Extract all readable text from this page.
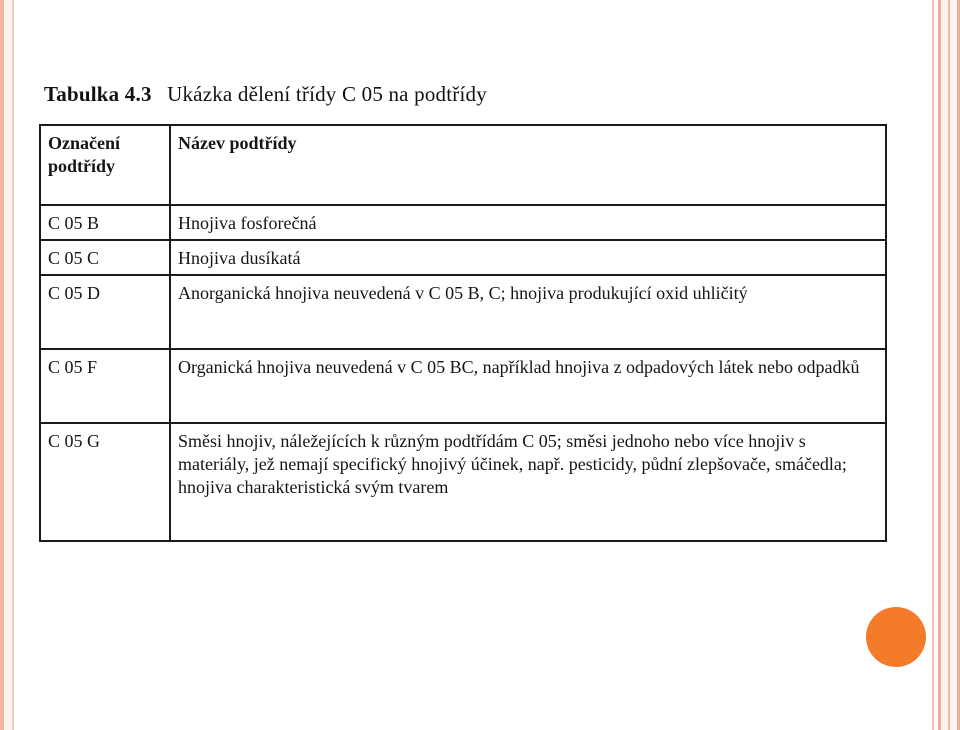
Tabulka 4.3 Ukázka dělení třídy C 05 na podtřídy
Označení podtřídy	Název podtřídy
C 05 B	Hnojiva fosforečná
C 05 C	Hnojiva dusíkatá
C 05 D	Anorganická hnojiva neuvedená v C 05 B, C; hnojiva produkující oxid uhličitý
C 05 F	Organická hnojiva neuvedená v C 05 BC, například hnojiva z odpadových látek nebo odpadků
C 05 G	Směsi hnojiv, náležejících k různým podtřídám C 05; směsi jednoho nebo více hnojiv s materiály, jež nemají specifický hnojivý účinek, např. pesticidy, půdní zlepšovače, smáčedla; hnojiva charakteristická svým tvarem
